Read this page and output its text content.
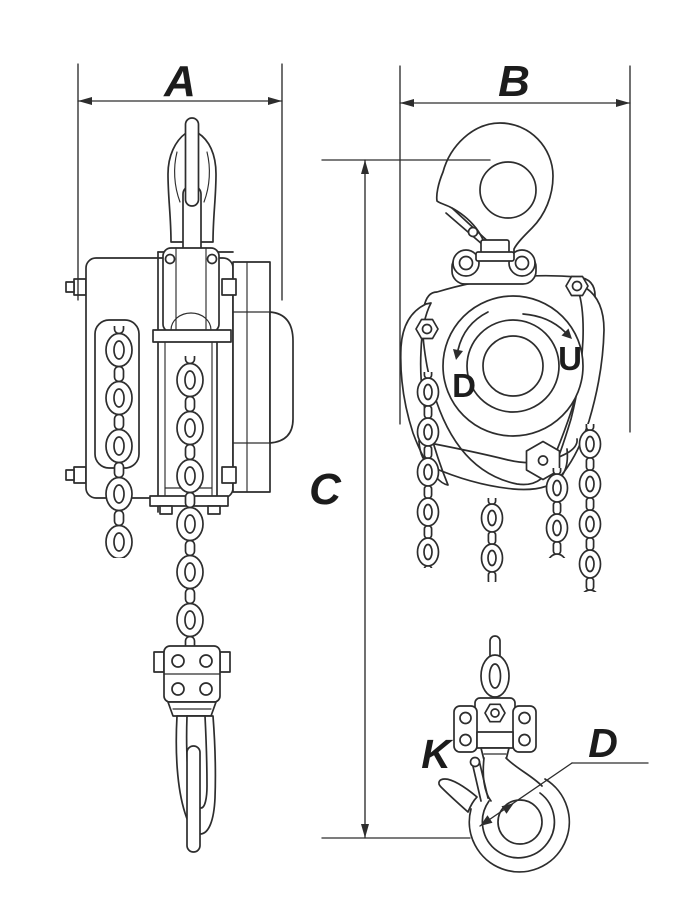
D
U
A	B
C
K	D
